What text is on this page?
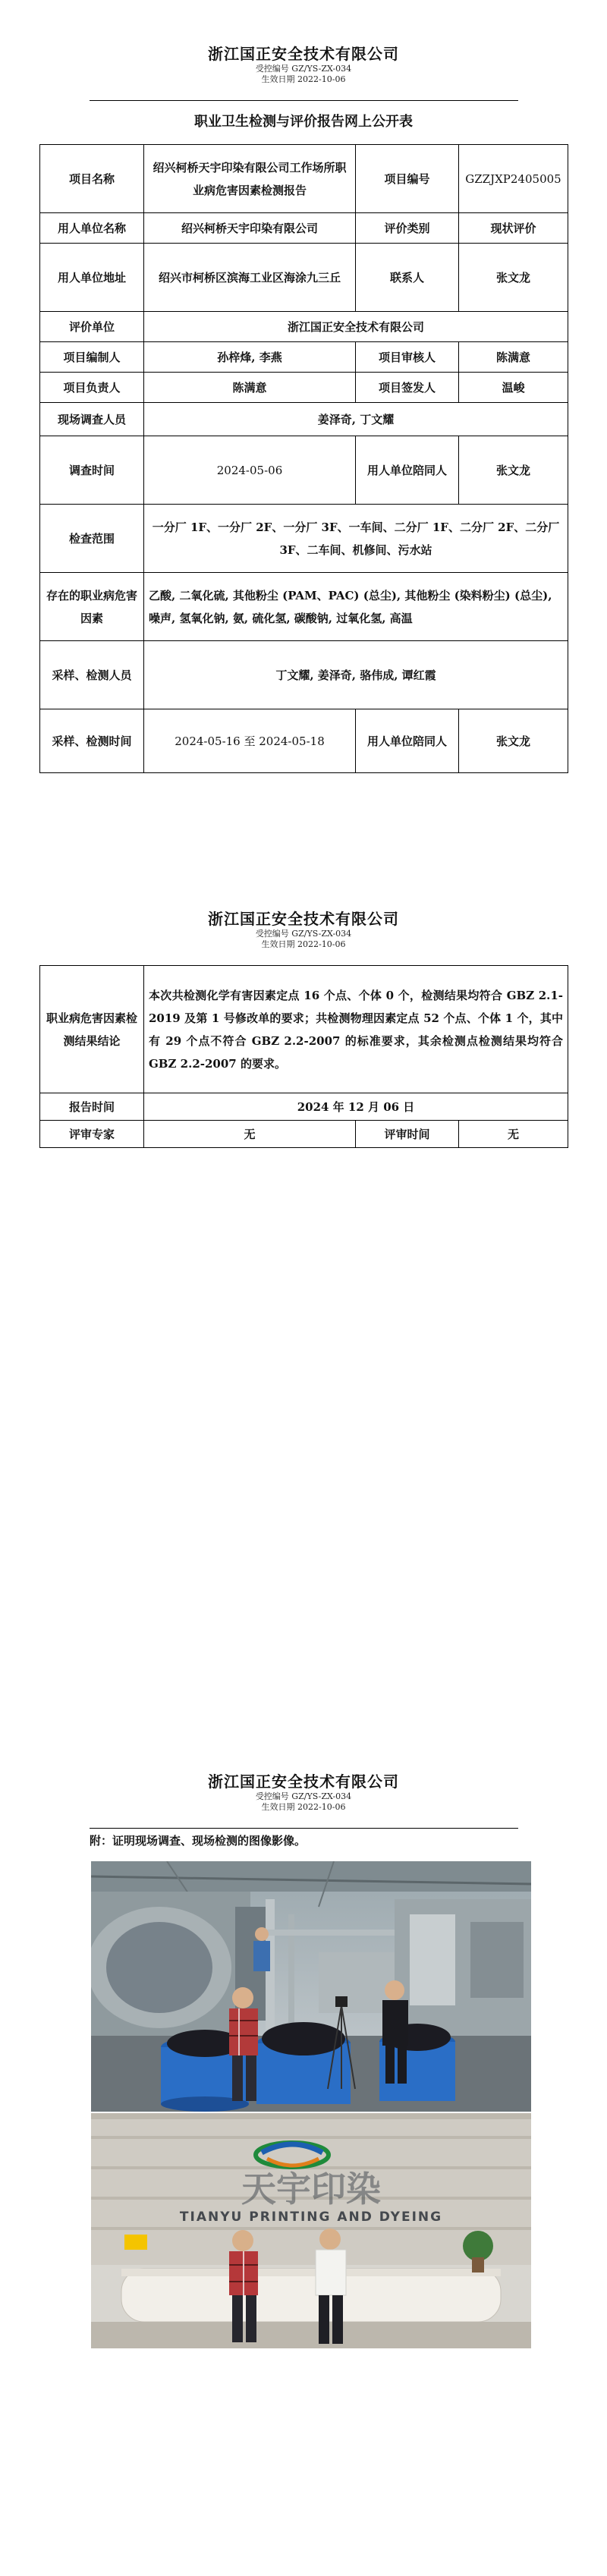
浙江国正安全技术有限公司
受控编号 GZ/YS-ZX-034
生效日期 2022-10-06
职业卫生检测与评价报告网上公开表
项目名称	绍兴柯桥天宇印染有限公司工作场所职业病危害因素检测报告	项目编号	GZZJXP2405005
用人单位名称	绍兴柯桥天宇印染有限公司	评价类别	现状评价
用人单位地址	绍兴市柯桥区滨海工业区海涂九三丘	联系人	张文龙
评价单位	浙江国正安全技术有限公司		
项目编制人	孙梓烽, 李燕	项目审核人	陈满意
项目负责人	陈满意	项目签发人	温峻
现场调查人员	姜泽奇, 丁文耀		
调查时间	2024-05-06	用人单位陪同人	张文龙
检查范围	一分厂 1F、一分厂 2F、一分厂 3F、一车间、二分厂 1F、二分厂 2F、二分厂 3F、二车间、机修间、污水站		
存在的职业病危害因素	乙酸, 二氧化硫, 其他粉尘 (PAM、PAC) (总尘), 其他粉尘 (染料粉尘) (总尘), 噪声, 氢氧化钠, 氨, 硫化氢, 碳酸钠, 过氧化氢, 高温		
采样、检测人员	丁文耀, 姜泽奇, 骆伟成, 谭红霞		
采样、检测时间	2024-05-16 至 2024-05-18	用人单位陪同人	张文龙
浙江国正安全技术有限公司
受控编号 GZ/YS-ZX-034
生效日期 2022-10-06
职业病危害因素检测结果结论	本次共检测化学有害因素定点 16 个点、个体 0 个，检测结果均符合 GBZ 2.1-2019 及第 1 号修改单的要求；共检测物理因素定点 52 个点、个体 1 个，其中有 29 个点不符合 GBZ 2.2-2007 的标准要求，其余检测点检测结果均符合 GBZ 2.2-2007 的要求。		
报告时间	2024 年 12 月 06 日		
评审专家	无	评审时间	无
浙江国正安全技术有限公司
受控编号 GZ/YS-ZX-034
生效日期 2022-10-06
附：证明现场调查、现场检测的图像影像。
天宇印染
TIANYU PRINTING AND DYEING
